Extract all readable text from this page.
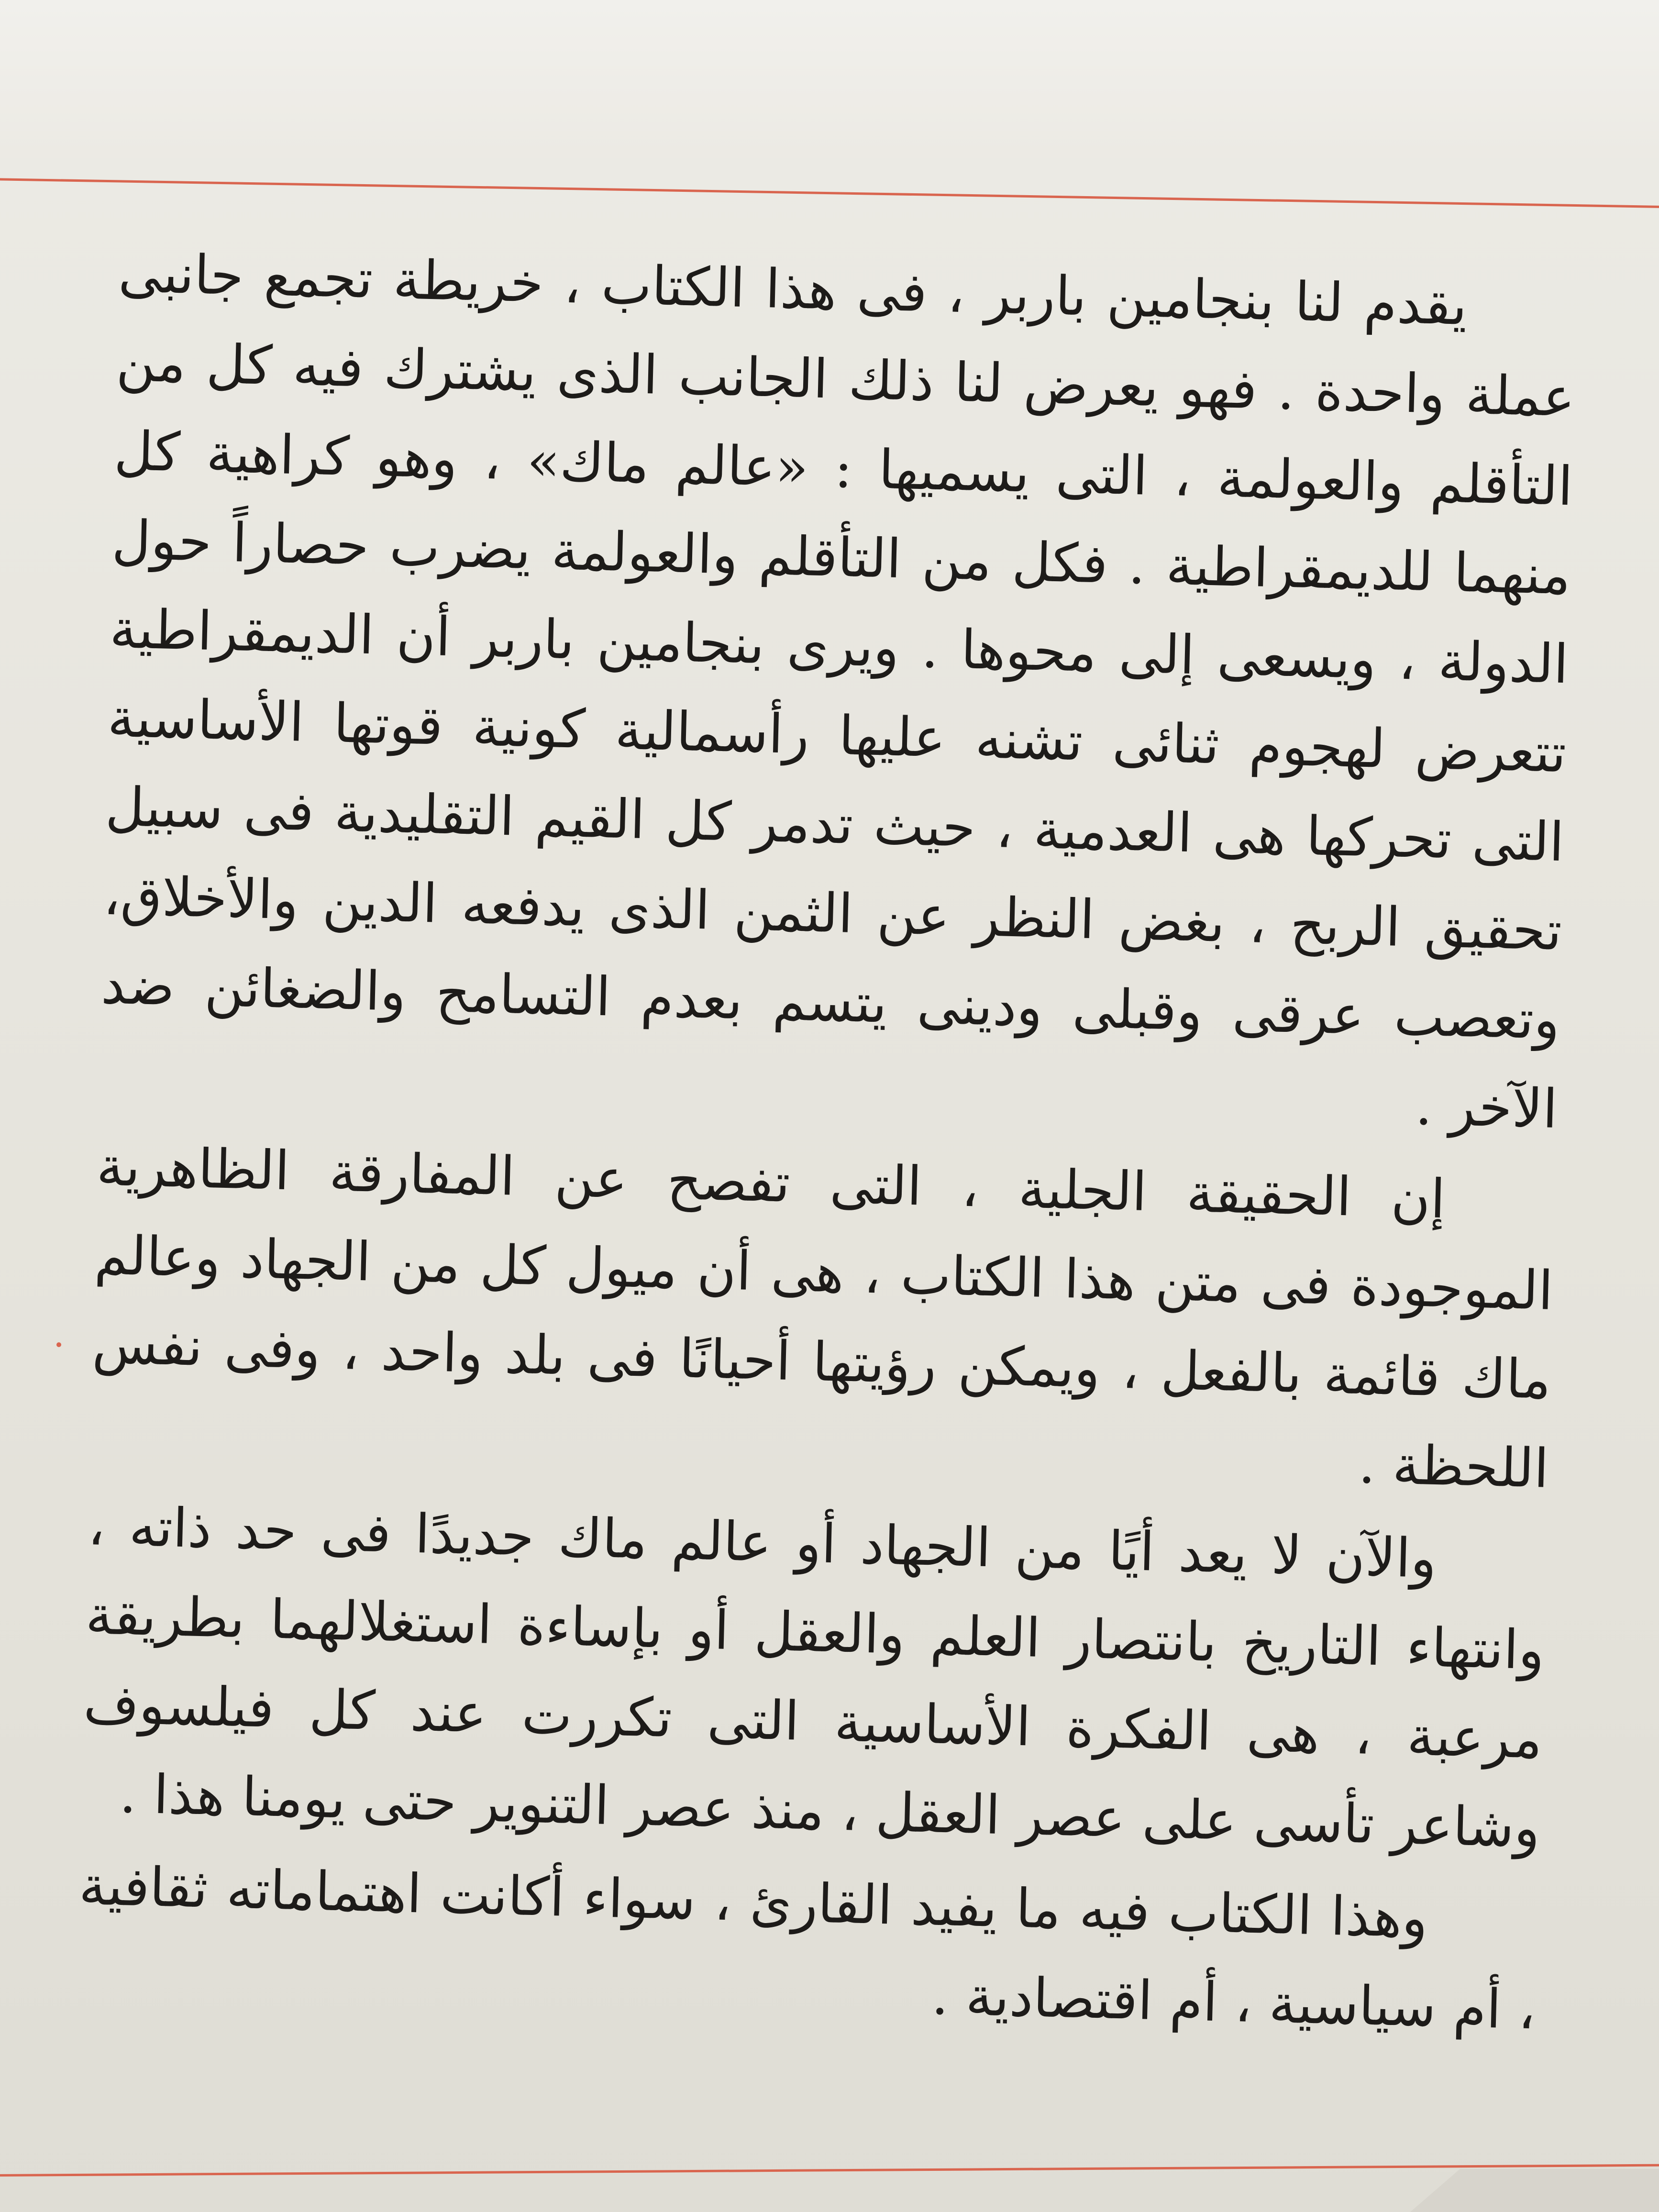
يقدم لنا بنجامين باربر ، فى هذا الكتاب ، خريطة تجمع جانبى عملة واحدة . فهو يعرض لنا ذلك الجانب الذى يشترك فيه كل من التأقلم والعولمة ، التى يسميها : «عالم ماك» ، وهو كراهية كل منهما للديمقراطية . فكل من التأقلم والعولمة يضرب حصاراً حول الدولة ، ويسعى إلى محوها . ويرى بنجامين باربر أن الديمقراطية تتعرض لهجوم ثنائى تشنه عليها رأسمالية كونية قوتها الأساسية التى تحركها هى العدمية ، حيث تدمر كل القيم التقليدية فى سبيل تحقيق الربح ، بغض النظر عن الثمن الذى يدفعه الدين والأخلاق، وتعصب عرقى وقبلى ودينى يتسم بعدم التسامح والضغائن ضد الآخر .

إن الحقيقة الجلية ، التى تفصح عن المفارقة الظاهرية الموجودة فى متن هذا الكتاب ، هى أن ميول كل من الجهاد وعالم ماك قائمة بالفعل ، ويمكن رؤيتها أحيانًا فى بلد واحد ، وفى نفس اللحظة .

والآن لا يعد أيًا من الجهاد أو عالم ماك جديدًا فى حد ذاته ، وانتهاء التاريخ بانتصار العلم والعقل أو بإساءة استغلالهما بطريقة مرعبة ، هى الفكرة الأساسية التى تكررت عند كل فيلسوف وشاعر تأسى على عصر العقل ، منذ عصر التنوير حتى يومنا هذا .

وهذا الكتاب فيه ما يفيد القارئ ، سواء أكانت اهتماماته ثقافية ، أم سياسية ، أم اقتصادية .
